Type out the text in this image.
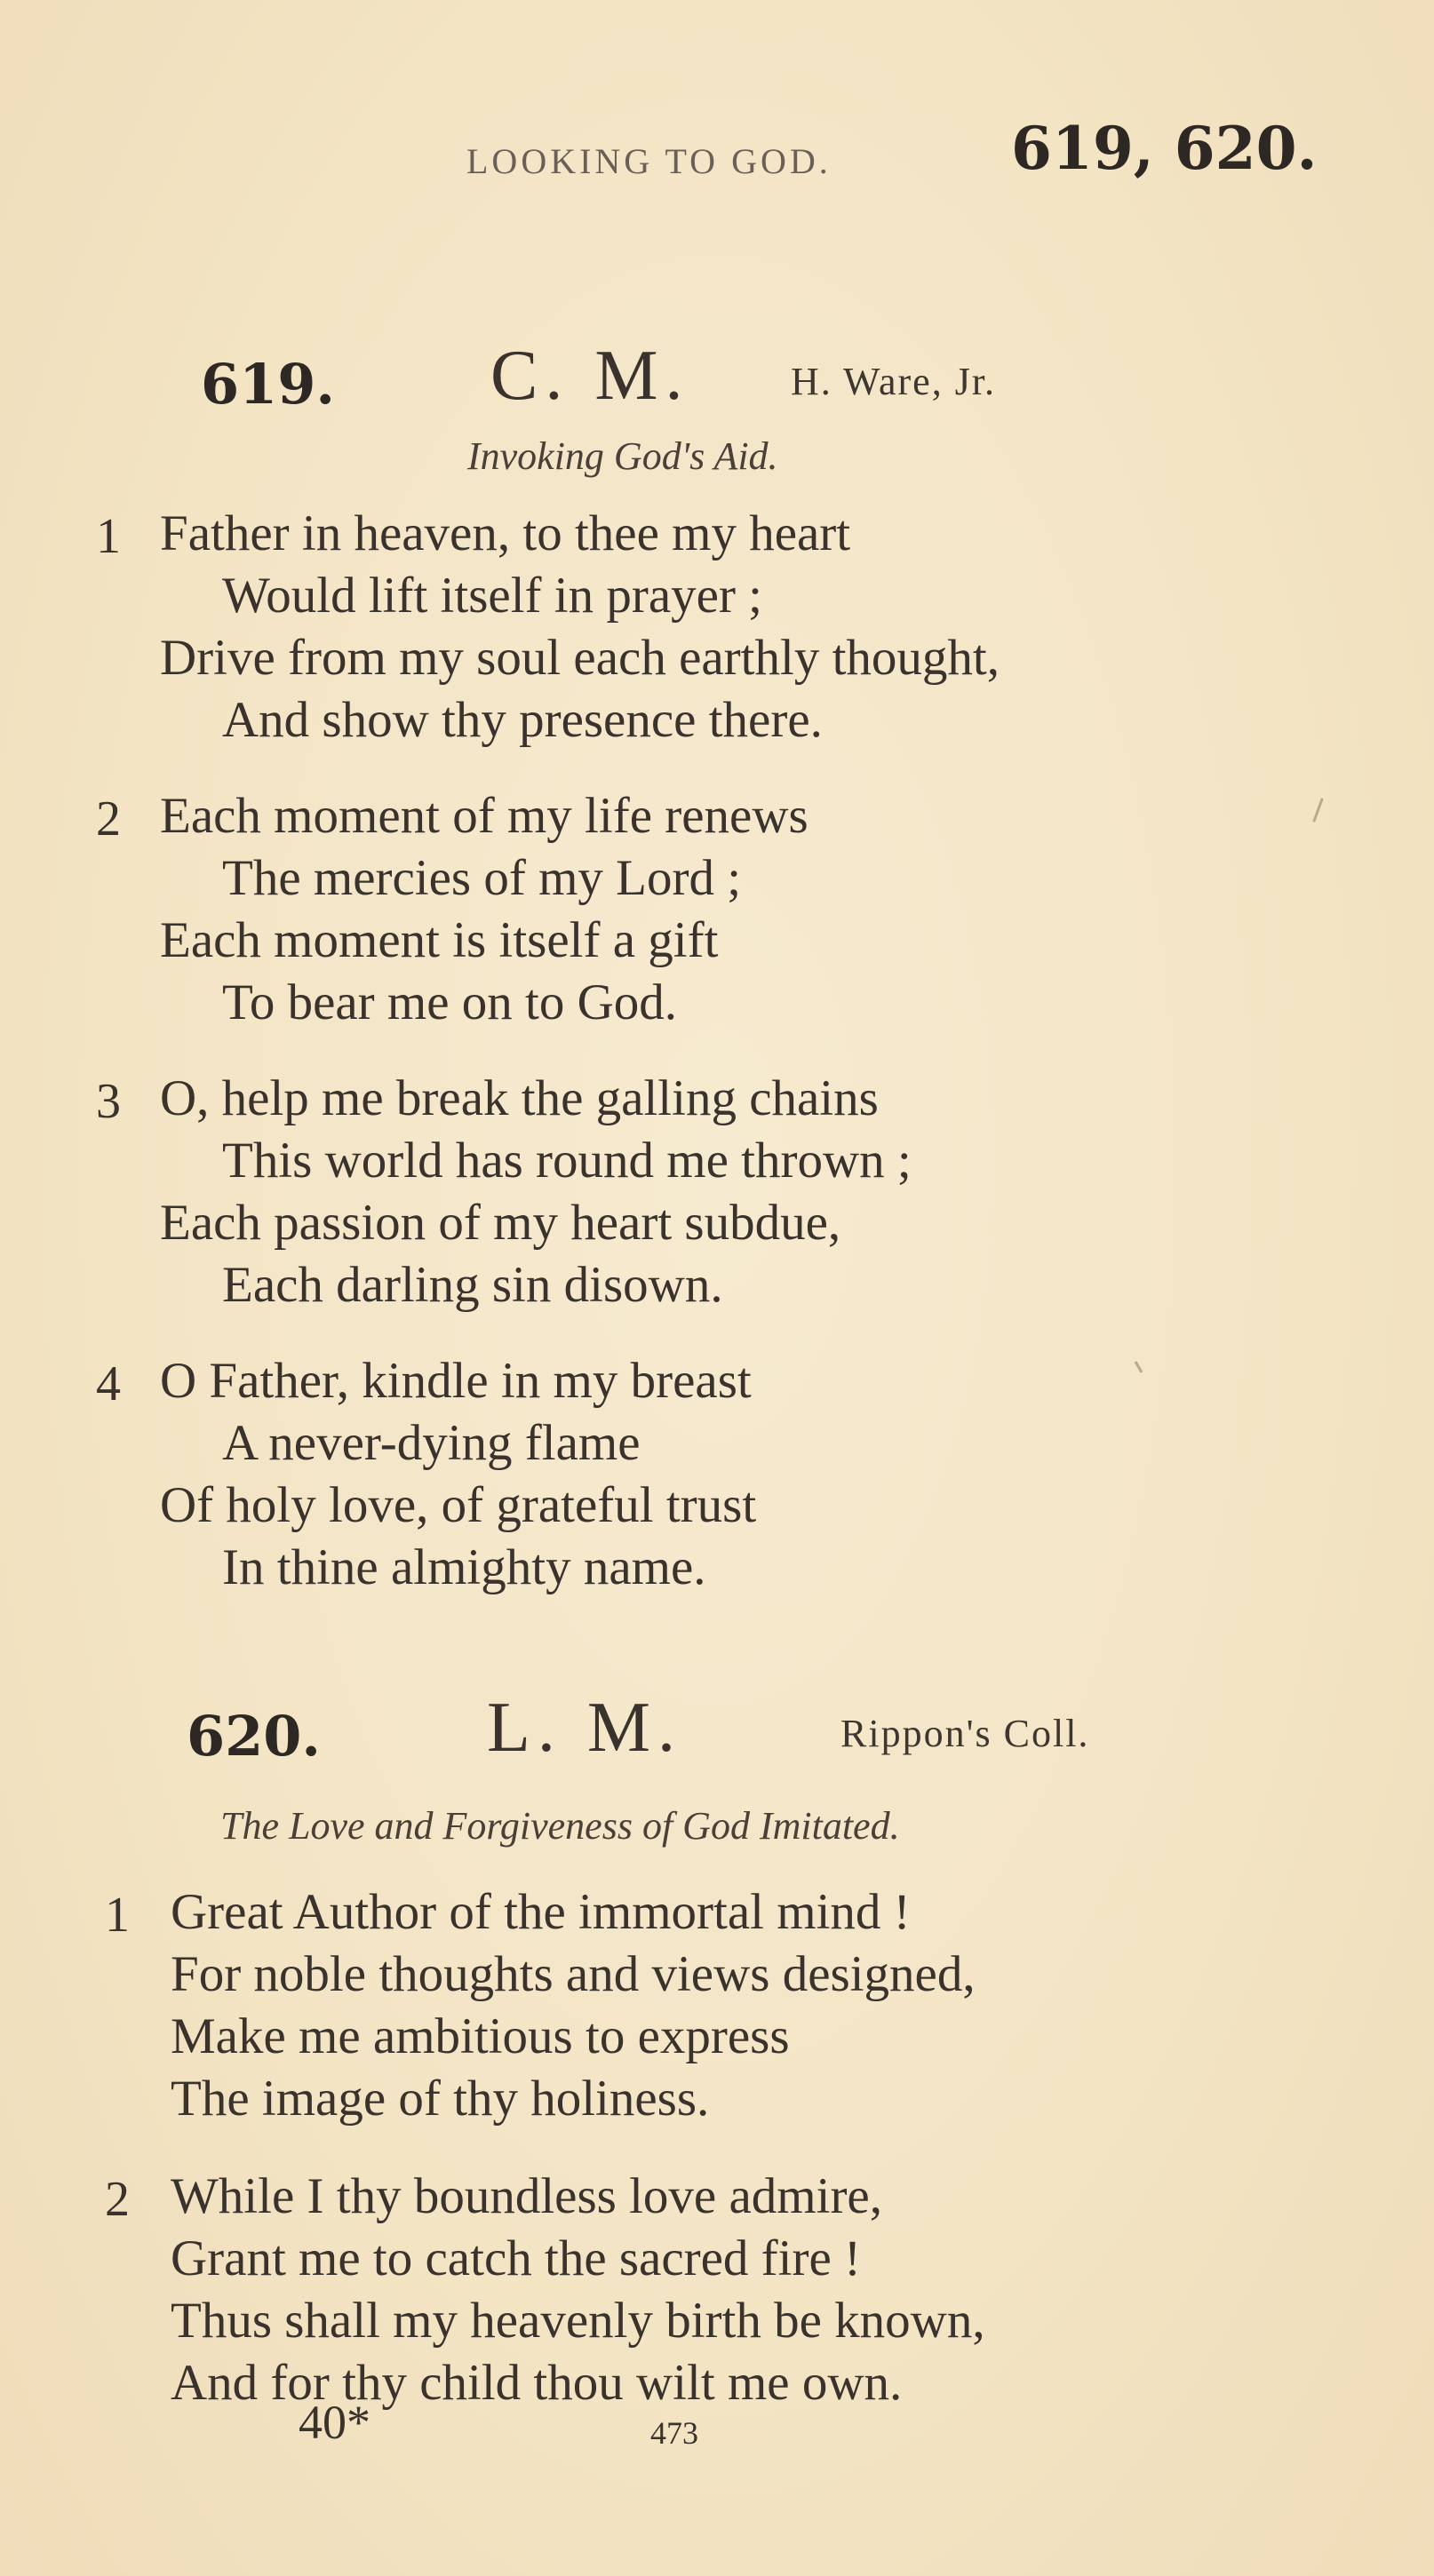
LOOKING TO GOD.	619, 620.
619. C. M.	H. Ware, Jr.
Invoking God's Aid.
1 Father in heaven, to thee my heart
Would lift itself in prayer ;
Drive from my soul each earthly thought,
And show thy presence there.
2 Each moment of my life renews
The mercies of my Lord ;
Each moment is itself a gift
To bear me on to God.
3 O, help me break the galling chains
This world has round me thrown ;
Each passion of my heart subdue,
Each darling sin disown.
4 O Father, kindle in my breast
A never-dying flame
Of holy love, of grateful trust
In thine almighty name.
620. L. M.	Rippon's Coll.
The Love and Forgiveness of God Imitated.
1 Great Author of the immortal mind !
For noble thoughts and views designed,
Make me ambitious to express
The image of thy holiness.
2 While I thy boundless love admire,
Grant me to catch the sacred fire !
Thus shall my heavenly birth be known,
And for thy child thou wilt me own.
40*	473
